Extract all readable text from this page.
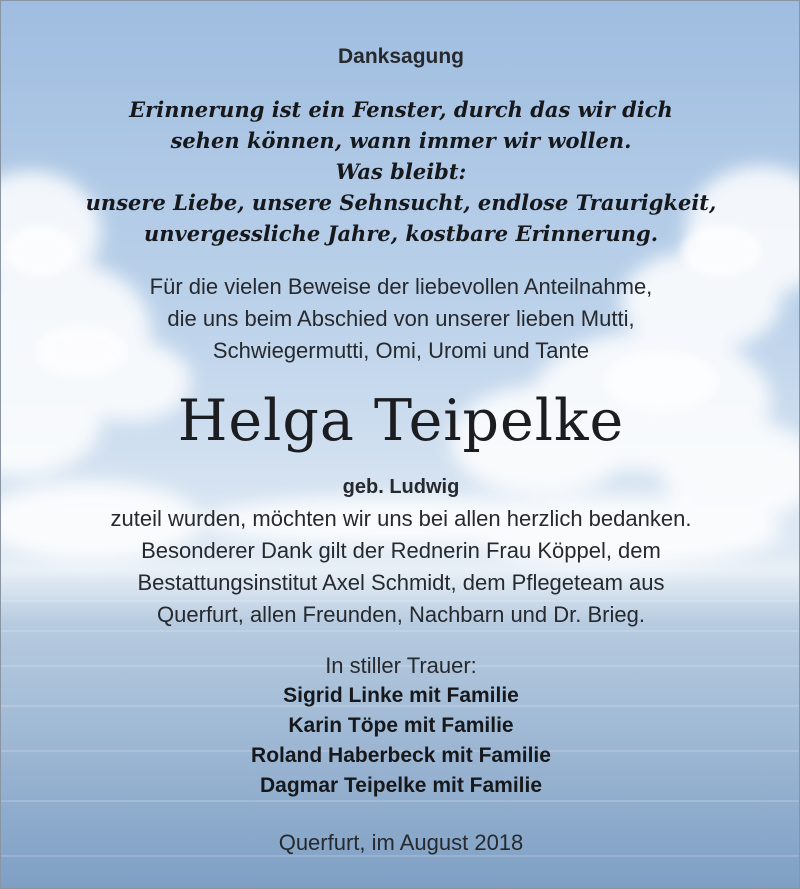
Danksagung
Erinnerung ist ein Fenster, durch das wir dich
sehen können, wann immer wir wollen.
Was bleibt:
unsere Liebe, unsere Sehnsucht, endlose Traurigkeit,
unvergessliche Jahre, kostbare Erinnerung.
Für die vielen Beweise der liebevollen Anteilnahme,
die uns beim Abschied von unserer lieben Mutti,
Schwiegermutti, Omi, Uromi und Tante
Helga Teipelke
geb. Ludwig
zuteil wurden, möchten wir uns bei allen herzlich bedanken.
Besonderer Dank gilt der Rednerin Frau Köppel, dem
Bestattungsinstitut Axel Schmidt, dem Pflegeteam aus
Querfurt, allen Freunden, Nachbarn und Dr. Brieg.
In stiller Trauer:
Sigrid Linke mit Familie
Karin Töpe mit Familie
Roland Haberbeck mit Familie
Dagmar Teipelke mit Familie
Querfurt, im August 2018
